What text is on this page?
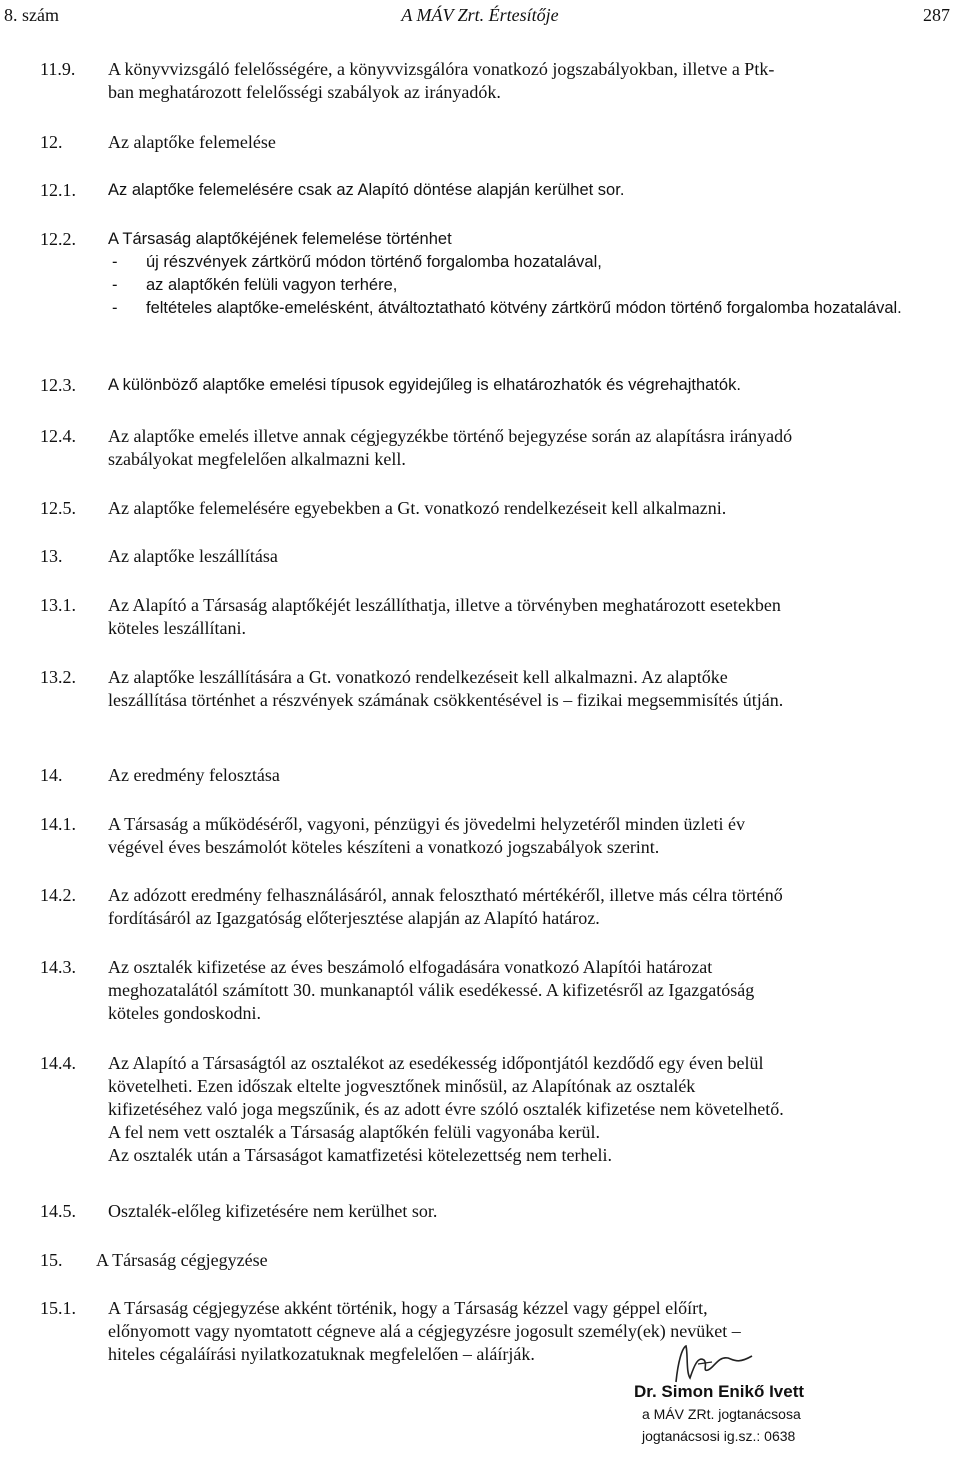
8. szám	A MÁV Zrt. Értesítője	287
11.9. A könyvvizsgáló felelősségére, a könyvvizsgálóra vonatkozó jogszabályokban, illetve a Ptk-
ban meghatározott felelősségi szabályok az irányadók.
12.	Az alaptőke felemelése
12.1. Az alaptőke felemelésére csak az Alapító döntése alapján kerülhet sor.
12.2. A Társaság alaptőkéjének felemelése történhet
- új részvények zártkörű módon történő forgalomba hozatalával,
- az alaptőkén felüli vagyon terhére,
- feltételes alaptőke-emelésként, átváltoztatható kötvény zártkörű módon történő forgalomba hozatalával.
12.3. A különböző alaptőke emelési típusok egyidejűleg is elhatározhatók és végrehajthatók.
12.4. Az alaptőke emelés illetve annak cégjegyzékbe történő bejegyzése során az alapításra irányadó
szabályokat megfelelően alkalmazni kell.
12.5. Az alaptőke felemelésére egyebekben a Gt. vonatkozó rendelkezéseit kell alkalmazni.
13.	Az alaptőke leszállítása
13.1. Az Alapító a Társaság alaptőkéjét leszállíthatja, illetve a törvényben meghatározott esetekben
köteles leszállítani.
13.2. Az alaptőke leszállítására a Gt. vonatkozó rendelkezéseit kell alkalmazni. Az alaptőke
leszállítása történhet a részvények számának csökkentésével is – fizikai megsemmisítés útján.
14.	Az eredmény felosztása
14.1. A Társaság a működéséről, vagyoni, pénzügyi és jövedelmi helyzetéről minden üzleti év
végével éves beszámolót köteles készíteni a vonatkozó jogszabályok szerint.
14.2. Az adózott eredmény felhasználásáról, annak felosztható mértékéről, illetve más célra történő
fordításáról az Igazgatóság előterjesztése alapján az Alapító határoz.
14.3. Az osztalék kifizetése az éves beszámoló elfogadására vonatkozó Alapítói határozat
meghozatalától számított 30. munkanaptól válik esedékessé. A kifizetésről az Igazgatóság
köteles gondoskodni.
14.4. Az Alapító a Társaságtól az osztalékot az esedékesség időpontjától kezdődő egy éven belül
követelheti. Ezen időszak eltelte jogvesztőnek minősül, az Alapítónak az osztalék
kifizetéséhez való joga megszűnik, és az adott évre szóló osztalék kifizetése nem követelhető.
A fel nem vett osztalék a Társaság alaptőkén felüli vagyonába kerül.
Az osztalék után a Társaságot kamatfizetési kötelezettség nem terheli.
14.5. Osztalék-előleg kifizetésére nem kerülhet sor.
15. A Társaság cégjegyzése
15.1. A Társaság cégjegyzése akként történik, hogy a Társaság kézzel vagy géppel előírt,
előnyomott vagy nyomtatott cégneve alá a cégjegyzésre jogosult személy(ek) nevüket –
hiteles cégaláírási nyilatkozatuknak megfelelően – aláírják.
Dr. Simon Enikő Ivett
a MÁV ZRt. jogtanácsosa
jogtanácsosi ig.sz.: 0638
